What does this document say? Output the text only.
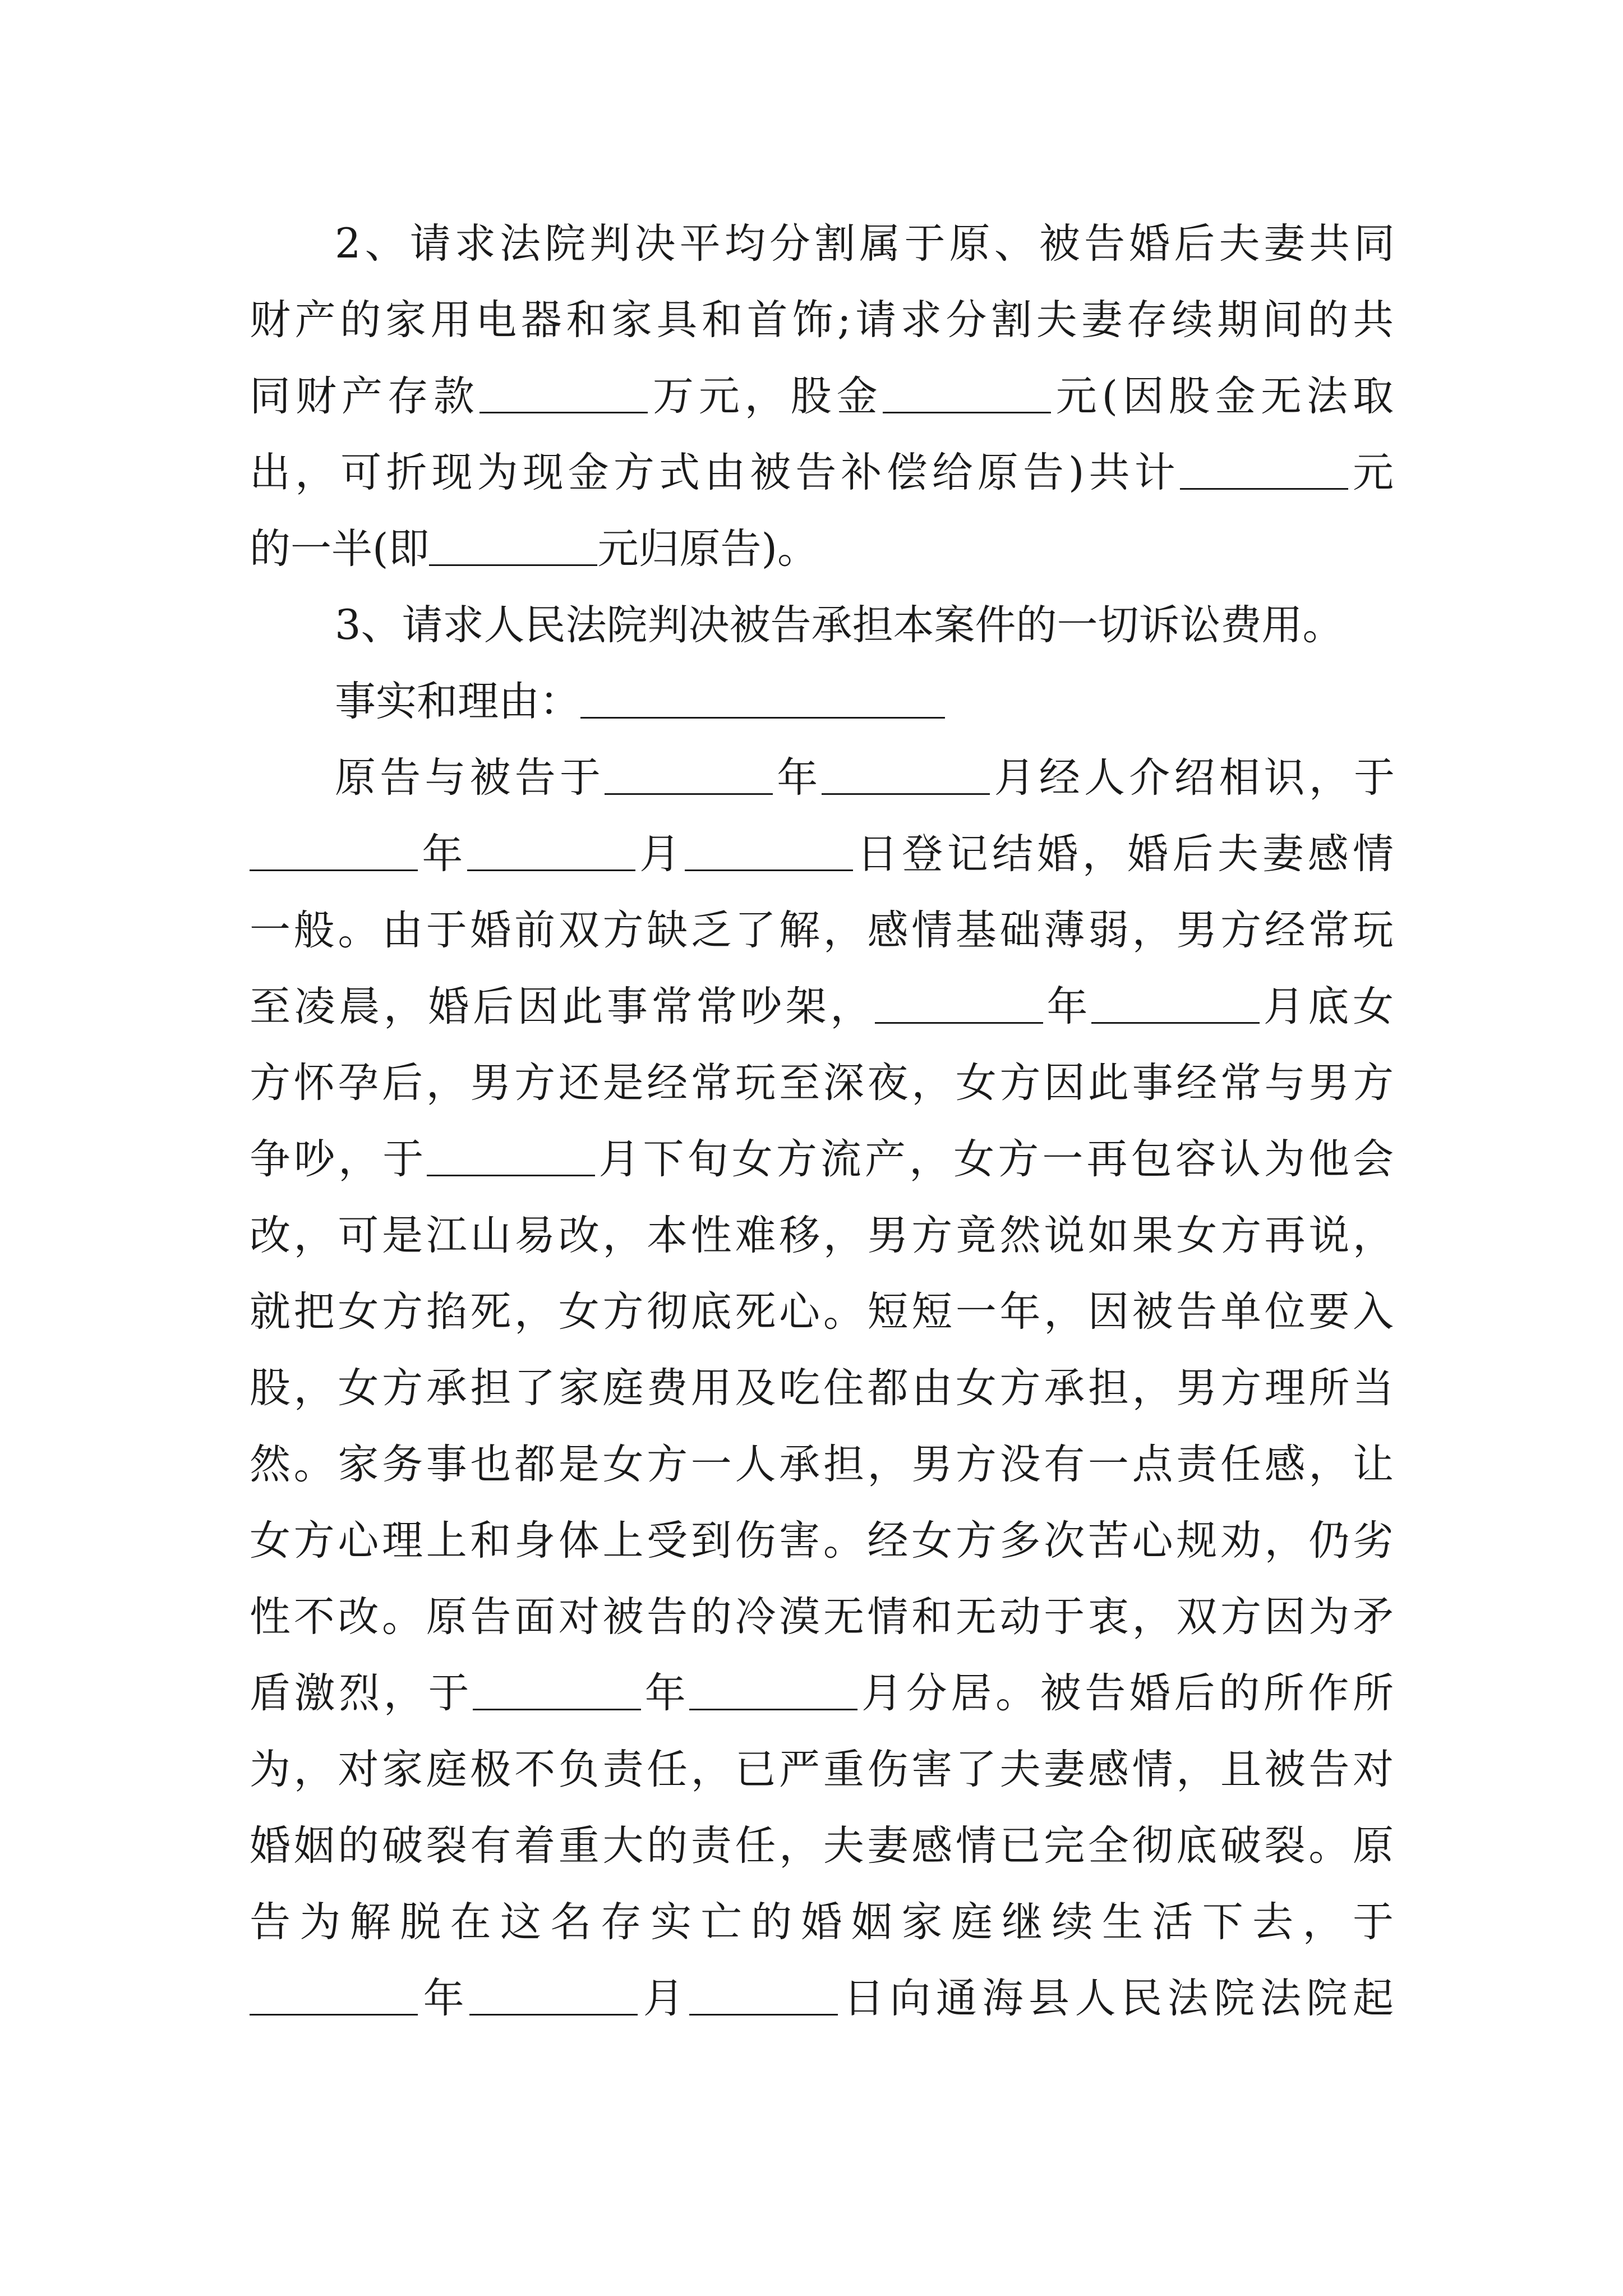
2、请求法院判决平均分割属于原、被告婚后夫妻共同
财产的家用电器和家具和首饰;请求分割夫妻存续期间的共
同财产存款	万元，股金	元(因股金无法取
出，可折现为现金方式由被告补偿给原告)共计	元
的一半(即	元归原告)。
3、请求人民法院判决被告承担本案件的一切诉讼费用。
事实和理由：
原告与被告于	年	月经人介绍相识，于
年	月	日登记结婚，婚后夫妻感情
一般。由于婚前双方缺乏了解，感情基础薄弱，男方经常玩
至凌晨，婚后因此事常常吵架，	年	月底女
方怀孕后，男方还是经常玩至深夜，女方因此事经常与男方
争吵，于	月下旬女方流产，女方一再包容认为他会
改，可是江山易改，本性难移，男方竟然说如果女方再说，
就把女方掐死，女方彻底死心。短短一年，因被告单位要入
股，女方承担了家庭费用及吃住都由女方承担，男方理所当
然。家务事也都是女方一人承担，男方没有一点责任感，让
女方心理上和身体上受到伤害。经女方多次苦心规劝，仍劣
性不改。原告面对被告的冷漠无情和无动于衷，双方因为矛
盾激烈，于	年	月分居。被告婚后的所作所
为，对家庭极不负责任，已严重伤害了夫妻感情，且被告对
婚姻的破裂有着重大的责任，夫妻感情已完全彻底破裂。原
告为解脱在这名存实亡的婚姻家庭继续生活下去，于
年	月	日向通海县人民法院法院起
